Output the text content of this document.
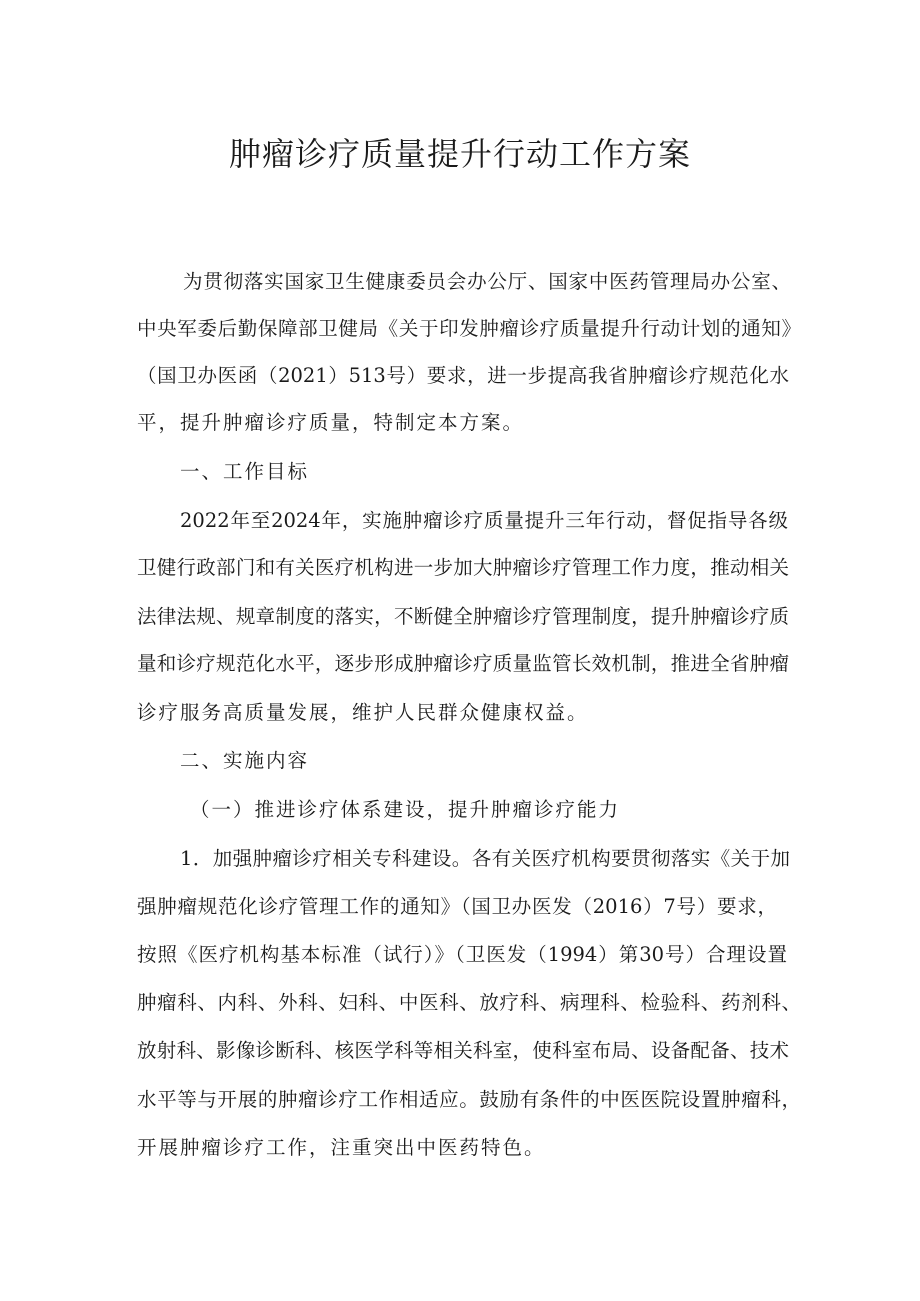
肿瘤诊疗质量提升行动工作方案
为贯彻落实国家卫生健康委员会办公厅、国家中医药管理局办公室、
中央军委后勤保障部卫健局《关于印发肿瘤诊疗质量提升行动计划的通知》
（国卫办医函（2021）513号）要求，进一步提高我省肿瘤诊疗规范化水
平，提升肿瘤诊疗质量，特制定本方案。
一、工作目标
2022年至2024年，实施肿瘤诊疗质量提升三年行动，督促指导各级
卫健行政部门和有关医疗机构进一步加大肿瘤诊疗管理工作力度，推动相关
法律法规、规章制度的落实，不断健全肿瘤诊疗管理制度，提升肿瘤诊疗质
量和诊疗规范化水平，逐步形成肿瘤诊疗质量监管长效机制，推进全省肿瘤
诊疗服务高质量发展，维护人民群众健康权益。
二、实施内容
（一）推进诊疗体系建设，提升肿瘤诊疗能力
1．加强肿瘤诊疗相关专科建设。各有关医疗机构要贯彻落实《关于加
强肿瘤规范化诊疗管理工作的通知》（国卫办医发（2016）7号）要求，
按照《医疗机构基本标准（试行）》（卫医发（1994）第30号）合理设置
肿瘤科、内科、外科、妇科、中医科、放疗科、病理科、检验科、药剂科、
放射科、影像诊断科、核医学科等相关科室，使科室布局、设备配备、技术
水平等与开展的肿瘤诊疗工作相适应。鼓励有条件的中医医院设置肿瘤科，
开展肿瘤诊疗工作，注重突出中医药特色。
